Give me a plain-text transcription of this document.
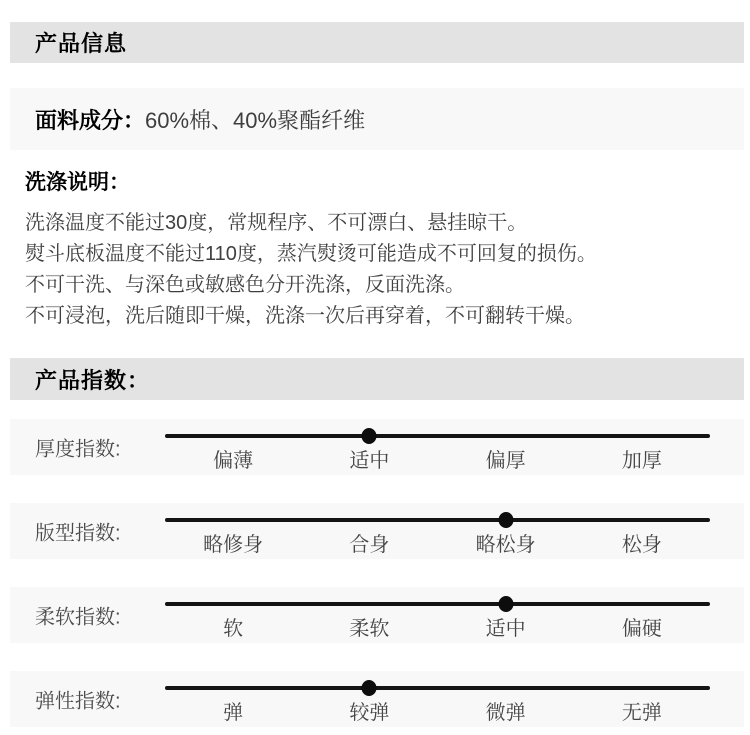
产品信息
面料成分： 60%棉、40%聚酯纤维
洗涤说明：
洗涤温度不能过30度，常规程序、不可漂白、悬挂晾干。
熨斗底板温度不能过110度，蒸汽熨烫可能造成不可回复的损伤。
不可干洗、与深色或敏感色分开洗涤，反面洗涤。
不可浸泡，洗后随即干燥，洗涤一次后再穿着，不可翻转干燥。
产品指数：
厚度指数:
偏薄	适中	偏厚	加厚
版型指数:
略修身	合身	略松身	松身
柔软指数:
软	柔软	适中	偏硬
弹性指数:
弹	较弹	微弹	无弹
